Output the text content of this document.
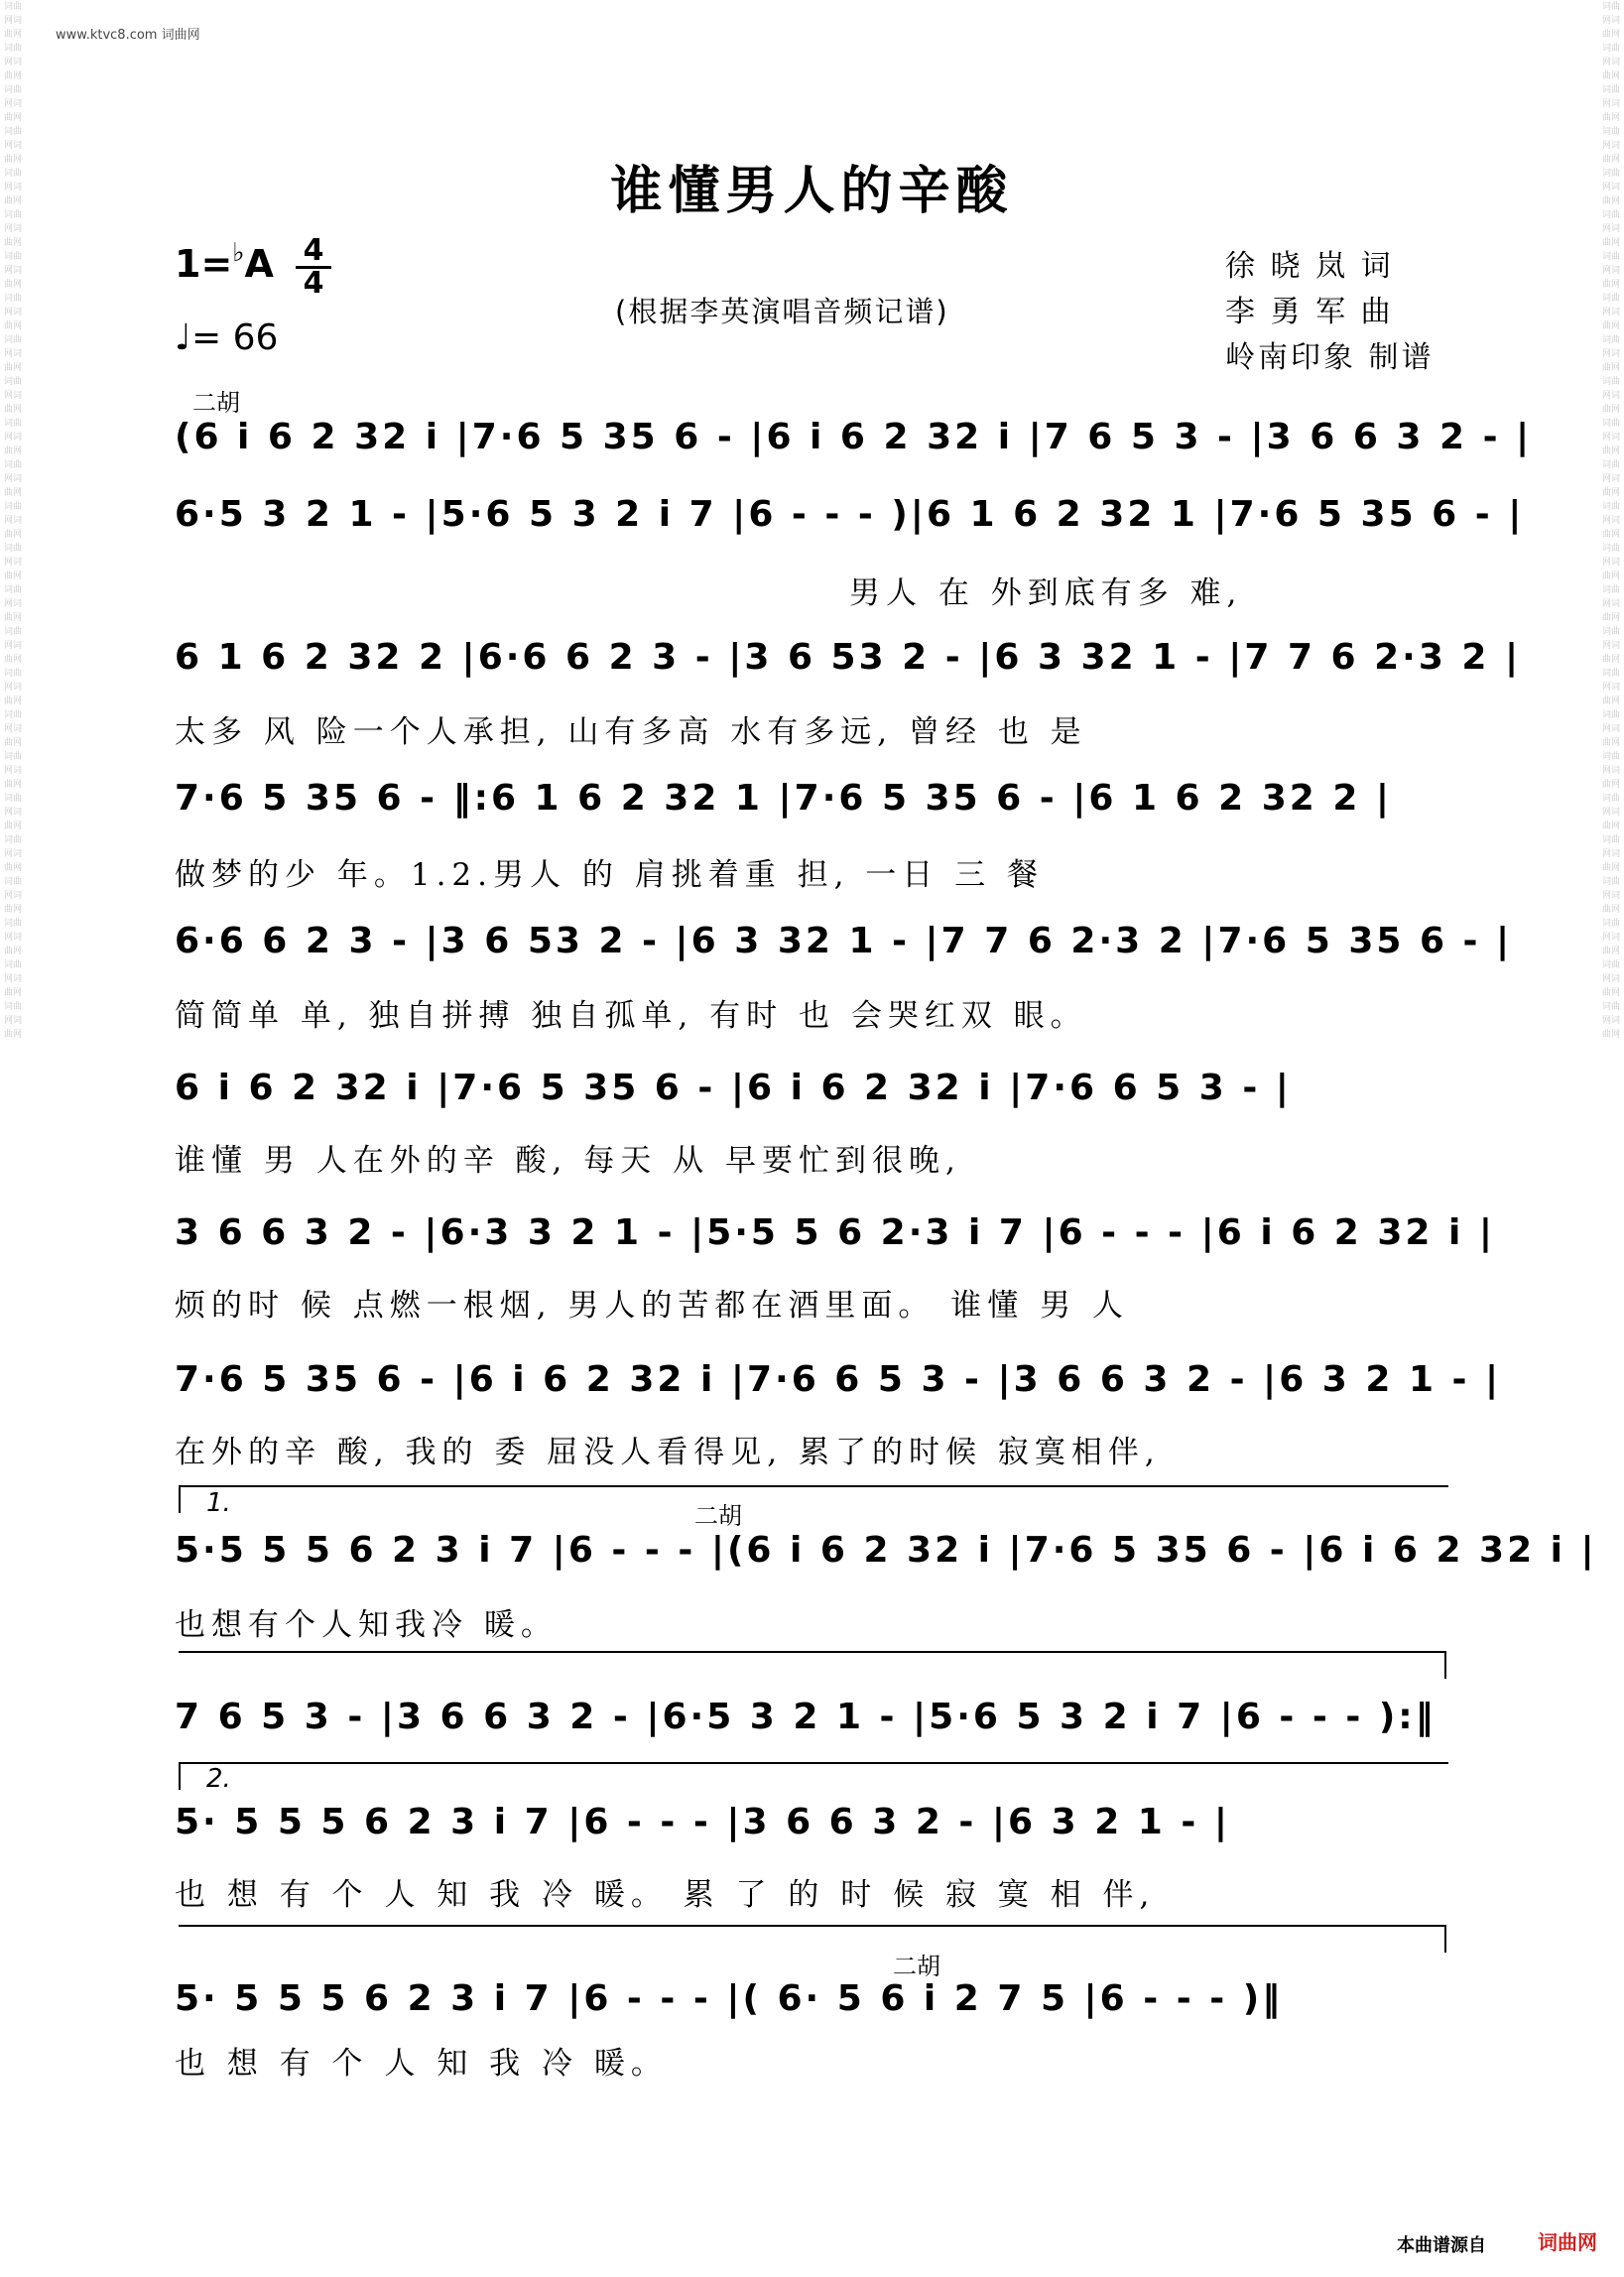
词曲网词曲网词曲网词曲网词曲网词曲网词曲网词曲网词曲网词曲网词曲网词曲网词曲网词曲网词曲网词曲网词曲网词曲网词曲网词曲网词曲网词曲网词曲网词曲网词曲网词曲网词曲网词曲网词曲网词曲网词曲网词曲网词曲网词曲网词曲网词曲网词曲网词曲网词曲网词曲网词曲网词曲网词曲网词曲网词曲网词曲网词曲网词曲网词曲网词曲网
词曲网词曲网词曲网词曲网词曲网词曲网词曲网词曲网词曲网词曲网词曲网词曲网词曲网词曲网词曲网词曲网词曲网词曲网词曲网词曲网词曲网词曲网词曲网词曲网词曲网词曲网词曲网词曲网词曲网词曲网词曲网词曲网词曲网词曲网词曲网词曲网词曲网词曲网词曲网词曲网词曲网词曲网词曲网词曲网词曲网词曲网词曲网词曲网词曲网词曲网
www.ktvc8.com 词曲网
谁懂男人的辛酸
1=♭A 4
4
♩= 66
(根据李英演唱音频记谱)
徐 晓 岚 词
李 勇 军 曲
岭南印象 制谱
二胡
(6 i 6 2 32 i |7·6 5 35 6 - |6 i 6 2 32 i |7 6 5 3 - |3 6 6 3 2 - |
6·5 3 2 1 - |5·6 5 3 2 i 7 |6 - - - )|6 1 6 2 32 1 |7·6 5 35 6 - |
男人 在 外到底有多 难,
6 1 6 2 32 2 |6·6 6 2 3 - |3 6 53 2 - |6 3 32 1 - |7 7 6 2·3 2 |
太多 风 险一个人承担, 山有多高 水有多远, 曾经 也 是
7·6 5 35 6 - ‖:6 1 6 2 32 1 |7·6 5 35 6 - |6 1 6 2 32 2 |
做梦的少 年。1.2.男人 的 肩挑着重 担, 一日 三 餐
6·6 6 2 3 - |3 6 53 2 - |6 3 32 1 - |7 7 6 2·3 2 |7·6 5 35 6 - |
简简单 单, 独自拼搏 独自孤单, 有时 也 会哭红双 眼。
6 i 6 2 32 i |7·6 5 35 6 - |6 i 6 2 32 i |7·6 6 5 3 - |
谁懂 男 人在外的辛 酸, 每天 从 早要忙到很晚,
3 6 6 3 2 - |6·3 3 2 1 - |5·5 5 6 2·3 i 7 |6 - - - |6 i 6 2 32 i |
烦的时 候 点燃一根烟, 男人的苦都在酒里面。 谁懂 男 人
7·6 5 35 6 - |6 i 6 2 32 i |7·6 6 5 3 - |3 6 6 3 2 - |6 3 2 1 - |
在外的辛 酸, 我的 委 屈没人看得见, 累了的时候 寂寞相伴,
1.	二胡
5·5 5 5 6 2 3 i 7 |6 - - - |(6 i 6 2 32 i |7·6 5 35 6 - |6 i 6 2 32 i |
也想有个人知我冷 暖。
7 6 5 3 - |3 6 6 3 2 - |6·5 3 2 1 - |5·6 5 3 2 i 7 |6 - - - ):‖
2.
5· 5 5 5 6 2 3 i 7 |6 - - - |3 6 6 3 2 - |6 3 2 1 - |
也 想 有 个 人 知 我 冷 暖。 累 了 的 时 候 寂 寞 相 伴,
二胡
5· 5 5 5 6 2 3 i 7 |6 - - - |( 6· 5 6 i 2 7 5 |6 - - - )‖
也 想 有 个 人 知 我 冷 暖。
本曲谱源自	词曲网
